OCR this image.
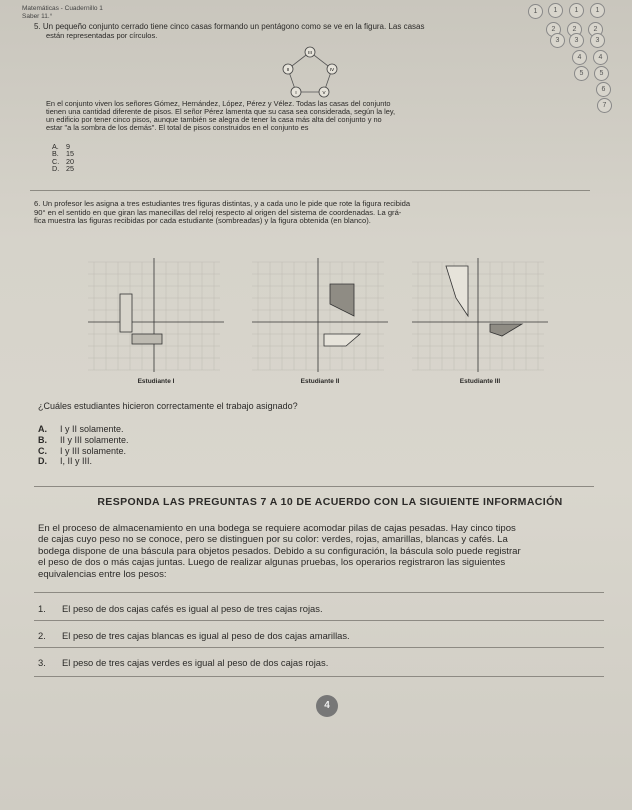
Matemáticas - Cuadernillo 1
Saber 11.°
1	1	1	1
2	2	2
3	3	3
4	4
5	5
6
7
5. Un pequeño conjunto cerrado tiene cinco casas formando un pentágono como se ve en la figura. Las casas
están representadas por círculos.
III
II	IV
I	V
En el conjunto viven los señores Gómez, Hernández, López, Pérez y Vélez. Todas las casas del conjunto
tienen una cantidad diferente de pisos. El señor Pérez lamenta que su casa sea considerada, según la ley,
un edificio por tener cinco pisos, aunque también se alegra de tener la casa más alta del conjunto y no
estar "a la sombra de los demás". El total de pisos construidos en el conjunto es
A. 9
B. 15
C. 20
D. 25
6. Un profesor les asigna a tres estudiantes tres figuras distintas, y a cada uno le pide que rote la figura recibida
90° en el sentido en que giran las manecillas del reloj respecto al origen del sistema de coordenadas. La grá-
fica muestra las figuras recibidas por cada estudiante (sombreadas) y la figura obtenida (en blanco).
Estudiante I	Estudiante II	Estudiante III
¿Cuáles estudiantes hicieron correctamente el trabajo asignado?
A. I y II solamente.
B. II y III solamente.
C. I y III solamente.
D. I, II y III.
RESPONDA LAS PREGUNTAS 7 A 10 DE ACUERDO CON LA SIGUIENTE INFORMACIÓN
En el proceso de almacenamiento en una bodega se requiere acomodar pilas de cajas pesadas. Hay cinco tipos
de cajas cuyo peso no se conoce, pero se distinguen por su color: verdes, rojas, amarillas, blancas y cafés. La
bodega dispone de una báscula para objetos pesados. Debido a su configuración, la báscula solo puede registrar
el peso de dos o más cajas juntas. Luego de realizar algunas pruebas, los operarios registraron las siguientes
equivalencias entre los pesos:
1. El peso de dos cajas cafés es igual al peso de tres cajas rojas.
2. El peso de tres cajas blancas es igual al peso de dos cajas amarillas.
3. El peso de tres cajas verdes es igual al peso de dos cajas rojas.
4
